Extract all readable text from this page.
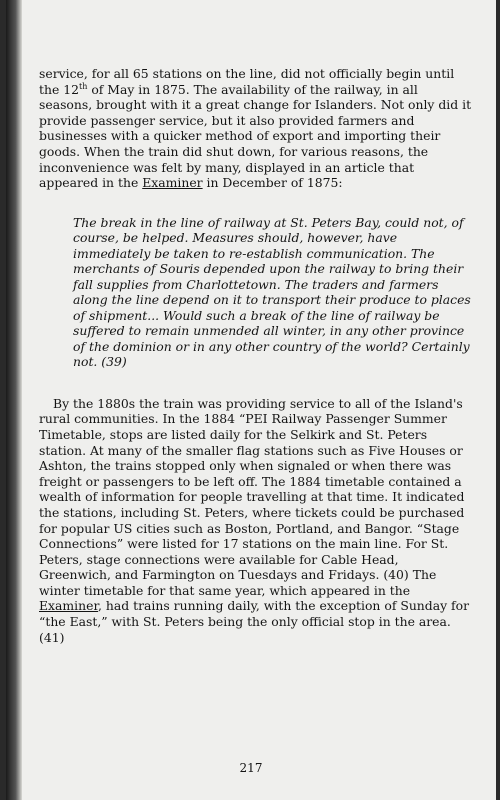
service, for all 65 stations on the line, did not officially begin until the 12th of May in 1875. The availability of the railway, in all seasons, brought with it a great change for Islanders. Not only did it provide passenger service, but it also provided farmers and businesses with a quicker method of export and importing their goods. When the train did shut down, for various reasons, the inconvenience was felt by many, displayed in an article that appeared in the Examiner in December of 1875:

The break in the line of railway at St. Peters Bay, could not, of course, be helped. Measures should, however, have immediately be taken to re-establish communication. The merchants of Souris depended upon the railway to bring their fall supplies from Charlottetown. The traders and farmers along the line depend on it to transport their produce to places of shipment... Would such a break of the line of railway be suffered to remain unmended all winter, in any other province of the dominion or in any other country of the world? Certainly not. (39)

By the 1880s the train was providing service to all of the Island's rural communities. In the 1884 “PEI Railway Passenger Summer Timetable, stops are listed daily for the Selkirk and St. Peters station. At many of the smaller flag stations such as Five Houses or Ashton, the trains stopped only when signaled or when there was freight or passengers to be left off. The 1884 timetable contained a wealth of information for people travelling at that time. It indicated the stations, including St. Peters, where tickets could be purchased for popular US cities such as Boston, Portland, and Bangor. “Stage Connections” were listed for 17 stations on the main line. For St. Peters, stage connections were available for Cable Head, Greenwich, and Farmington on Tuesdays and Fridays. (40) The winter timetable for that same year, which appeared in the Examiner, had trains running daily, with the exception of Sunday for “the East,” with St. Peters being the only official stop in the area. (41)

217
